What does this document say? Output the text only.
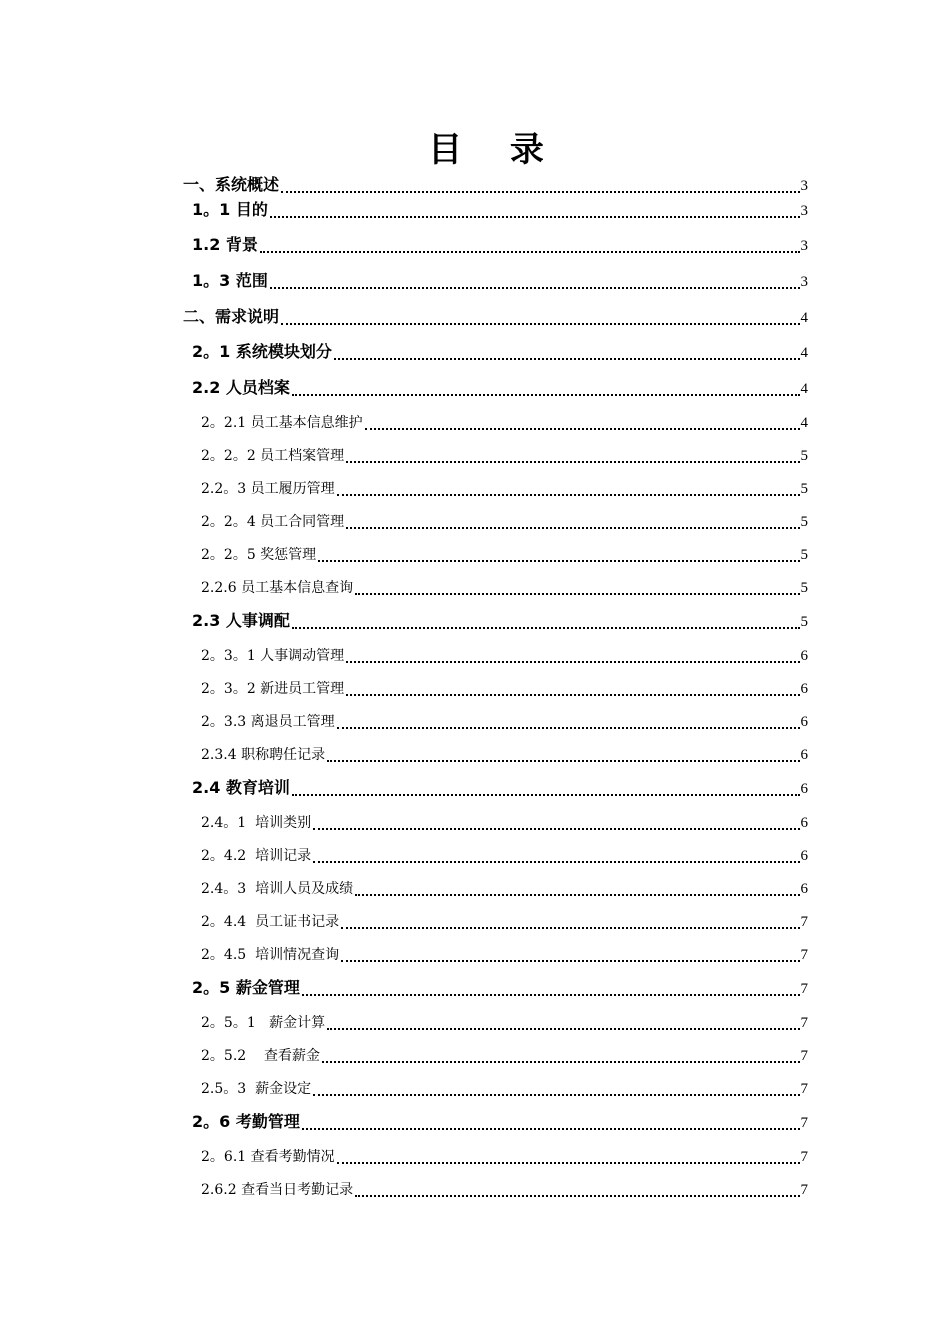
目 录
一、系统概述	3
1。1 目的	3
1.2 背景	3
1。3 范围	3
二、需求说明	4
2。1 系统模块划分	4
2.2 人员档案	4
2。2.1 员工基本信息维护	4
2。2。2 员工档案管理	5
2.2。3 员工履历管理	5
2。2。4 员工合同管理	5
2。2。5 奖惩管理	5
2.2.6 员工基本信息查询	5
2.3 人事调配	5
2。3。1 人事调动管理	6
2。3。2 新进员工管理	6
2。3.3 离退员工管理	6
2.3.4 职称聘任记录	6
2.4 教育培训	6
2.4。1  培训类别	6
2。4.2  培训记录	6
2.4。3  培训人员及成绩	6
2。4.4  员工证书记录	7
2。4.5  培训情况查询	7
2。5 薪金管理	7
2。5。1   薪金计算	7
2。5.2    查看薪金	7
2.5。3  薪金设定	7
2。6 考勤管理	7
2。6.1 查看考勤情况	7
2.6.2 查看当日考勤记录	7
